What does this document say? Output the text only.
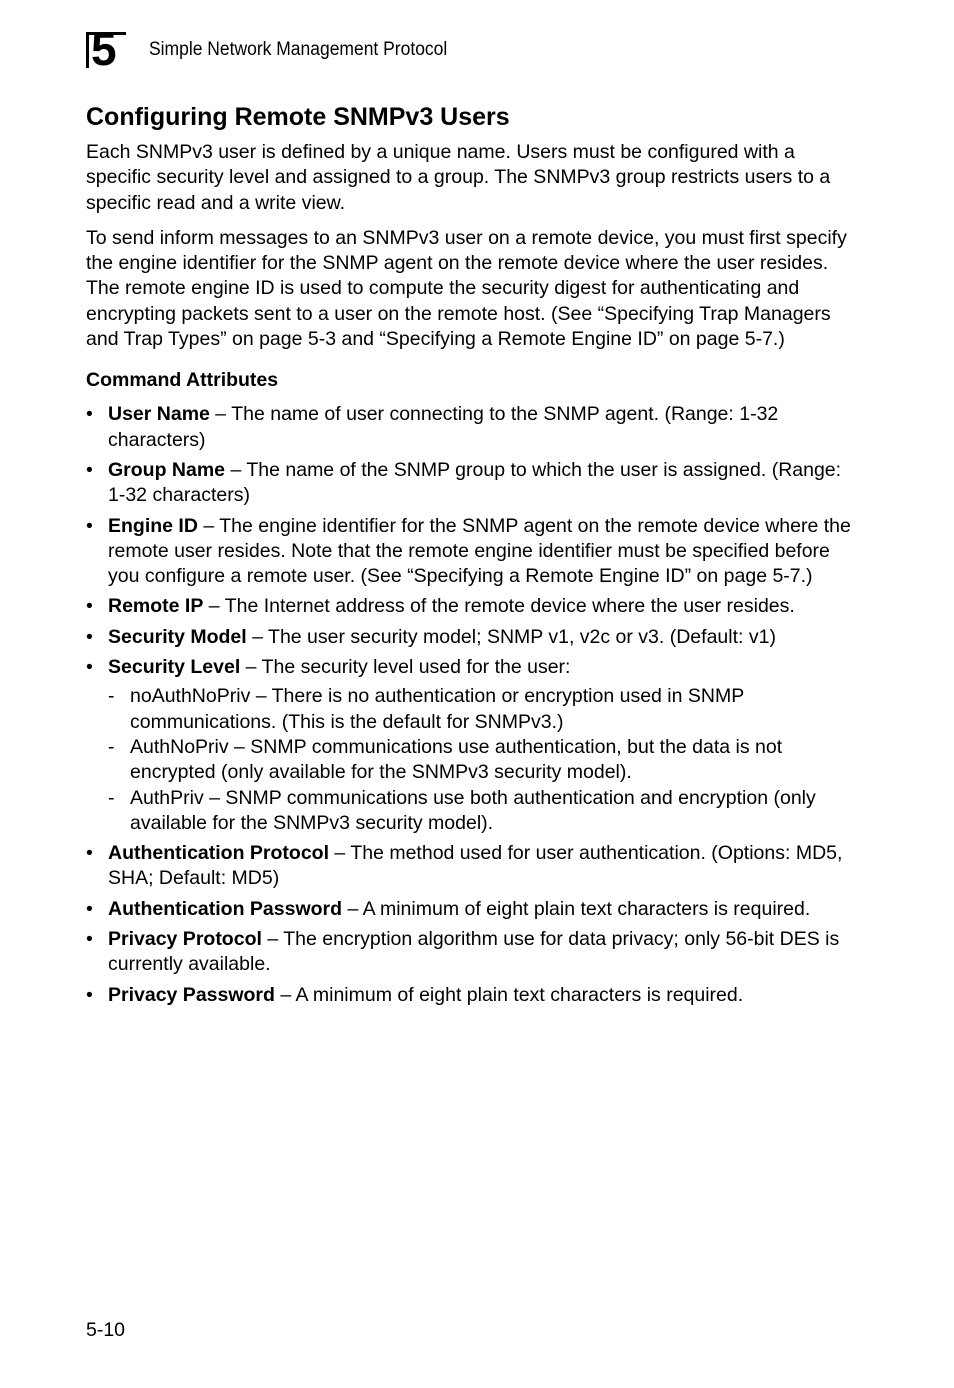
5 Simple Network Management Protocol
Configuring Remote SNMPv3 Users

Each SNMPv3 user is defined by a unique name. Users must be configured with a specific security level and assigned to a group. The SNMPv3 group restricts users to a specific read and a write view.

To send inform messages to an SNMPv3 user on a remote device, you must first specify the engine identifier for the SNMP agent on the remote device where the user resides. The remote engine ID is used to compute the security digest for authenticating and encrypting packets sent to a user on the remote host. (See “Specifying Trap Managers and Trap Types” on page 5-3 and “Specifying a Remote Engine ID” on page 5-7.)

Command Attributes
• User Name – The name of user connecting to the SNMP agent. (Range: 1-32 characters)
• Group Name – The name of the SNMP group to which the user is assigned. (Range: 1-32 characters)
• Engine ID – The engine identifier for the SNMP agent on the remote device where the remote user resides. Note that the remote engine identifier must be specified before you configure a remote user. (See “Specifying a Remote Engine ID” on page 5-7.)
• Remote IP – The Internet address of the remote device where the user resides.
• Security Model – The user security model; SNMP v1, v2c or v3. (Default: v1)
• Security Level – The security level used for the user:
- noAuthNoPriv – There is no authentication or encryption used in SNMP communications. (This is the default for SNMPv3.)
- AuthNoPriv – SNMP communications use authentication, but the data is not encrypted (only available for the SNMPv3 security model).
- AuthPriv – SNMP communications use both authentication and encryption (only available for the SNMPv3 security model).
• Authentication Protocol – The method used for user authentication. (Options: MD5, SHA; Default: MD5)
• Authentication Password – A minimum of eight plain text characters is required.
• Privacy Protocol – The encryption algorithm use for data privacy; only 56-bit DES is currently available.
• Privacy Password – A minimum of eight plain text characters is required.
5-10
